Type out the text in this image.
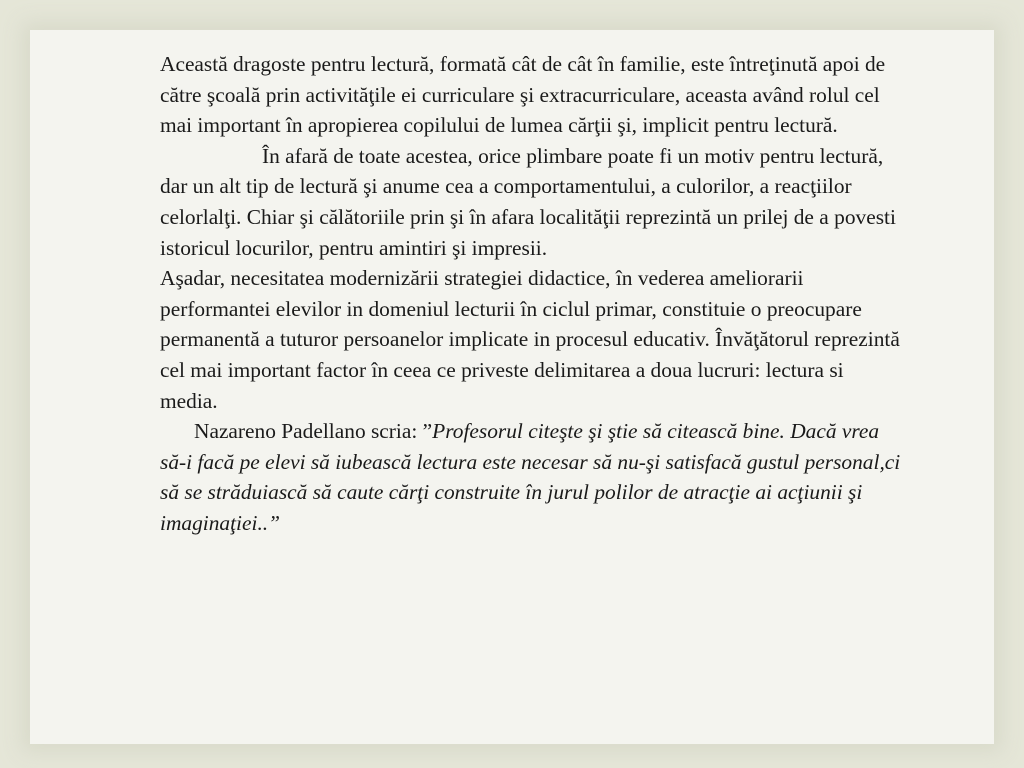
Această dragoste pentru lectură, formată cât de cât în familie, este întreţinută apoi de către şcoală prin activităţile ei curriculare şi extracurriculare, aceasta având rolul cel mai important în apropierea copilului de lumea cărţii şi, implicit pentru lectură.

În afară de toate acestea, orice plimbare poate fi un motiv pentru lectură, dar un alt tip de lectură şi anume cea a comportamentului, a culorilor, a reacţiilor celorlalţi. Chiar şi călătoriile prin şi în afara localităţii reprezintă un prilej de a povesti istoricul locurilor, pentru amintiri şi impresii.

Aşadar, necesitatea modernizării strategiei didactice, în vederea ameliorarii performantei elevilor in domeniul lecturii în ciclul primar, constituie o preocupare permanentă a tuturor persoanelor implicate in procesul educativ. Învăţătorul reprezintă cel mai important factor în ceea ce priveste delimitarea a doua lucruri: lectura si media.

Nazareno Padellano scria: ”Profesorul citeşte şi ştie să citească bine. Dacă vrea să-i facă pe elevi să iubească lectura este necesar să nu-şi satisfacă gustul personal,ci să se străduiască să caute cărţi construite în jurul polilor de atracţie ai acţiunii şi imaginaţiei..”
